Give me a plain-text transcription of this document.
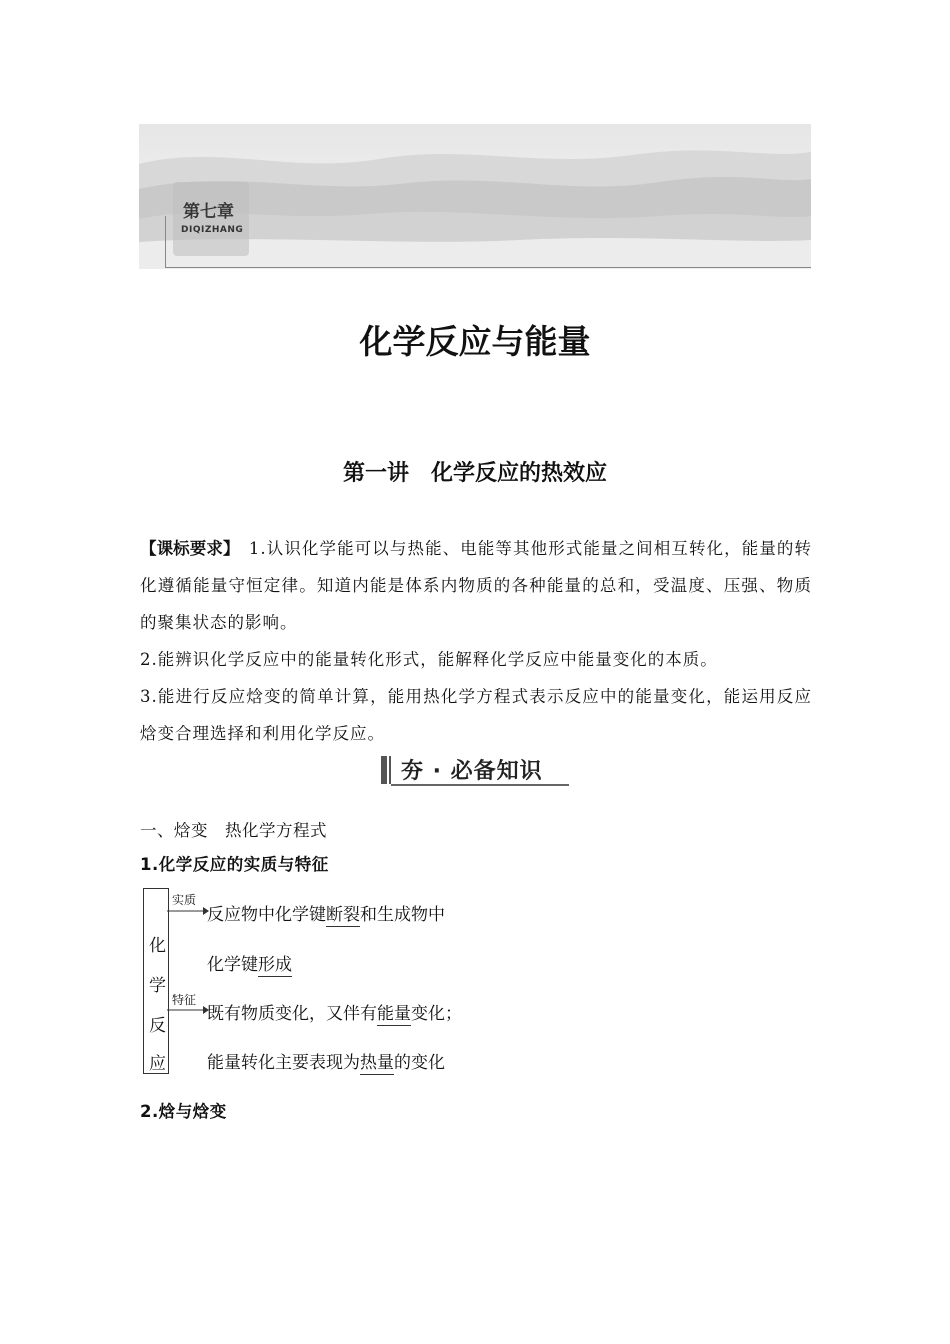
第七章
DIQIZHANG
化学反应与能量
第一讲　化学反应的热效应
【课标要求】　1.认识化学能可以与热能、电能等其他形式能量之间相互转化，能量的转化遵循能量守恒定律。知道内能是体系内物质的各种能量的总和，受温度、压强、物质的聚集状态的影响。
2.能辨识化学反应中的能量转化形式，能解释化学反应中能量变化的本质。
3.能进行反应焓变的简单计算，能用热化学方程式表示反应中的能量变化，能运用反应焓变合理选择和利用化学反应。
夯 · 必备知识
一、焓变　热化学方程式
1.化学反应的实质与特征
化
学
反
应
实质
特征
反应物中化学键断裂和生成物中
化学键形成
既有物质变化，又伴有能量变化；
能量转化主要表现为热量的变化
2.焓与焓变
